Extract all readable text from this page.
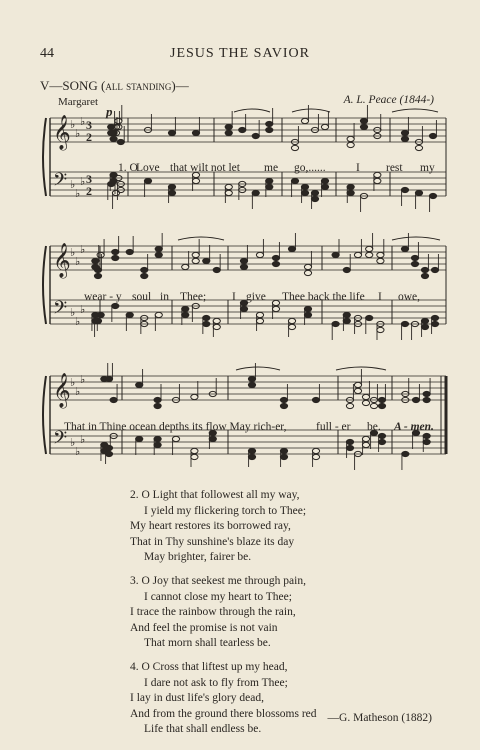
44	JESUS THE SAVIOR
V—SONG (all standing)—
Margaret	A. L. Peace (1844-)
𝄞
𝄢
♭
♭
♭
♭
♭
♭
3
2
3
2
𝄞
𝄢
♭
♭
♭
♭
♭
♭
𝄞
𝄢
♭
♭
♭
♭
♭
♭
p
1. O
Love that wilt not let me go,......	I rest my
wear - y soul in Thee; I give Thee back the life I owe,
That in Thine ocean depths its flow May rich-er,	full - er be. A - men.
2. O Light that followest all my way,
I yield my flickering torch to Thee;
My heart restores its borrowed ray,
That in Thy sunshine's blaze its day
May brighter, fairer be.
3. O Joy that seekest me through pain,
I cannot close my heart to Thee;
I trace the rainbow through the rain,
And feel the promise is not vain
That morn shall tearless be.
4. O Cross that liftest up my head,
I dare not ask to fly from Thee;
I lay in dust life's glory dead,
And from the ground there blossoms red
Life that shall endless be.
—G. Matheson (1882)
